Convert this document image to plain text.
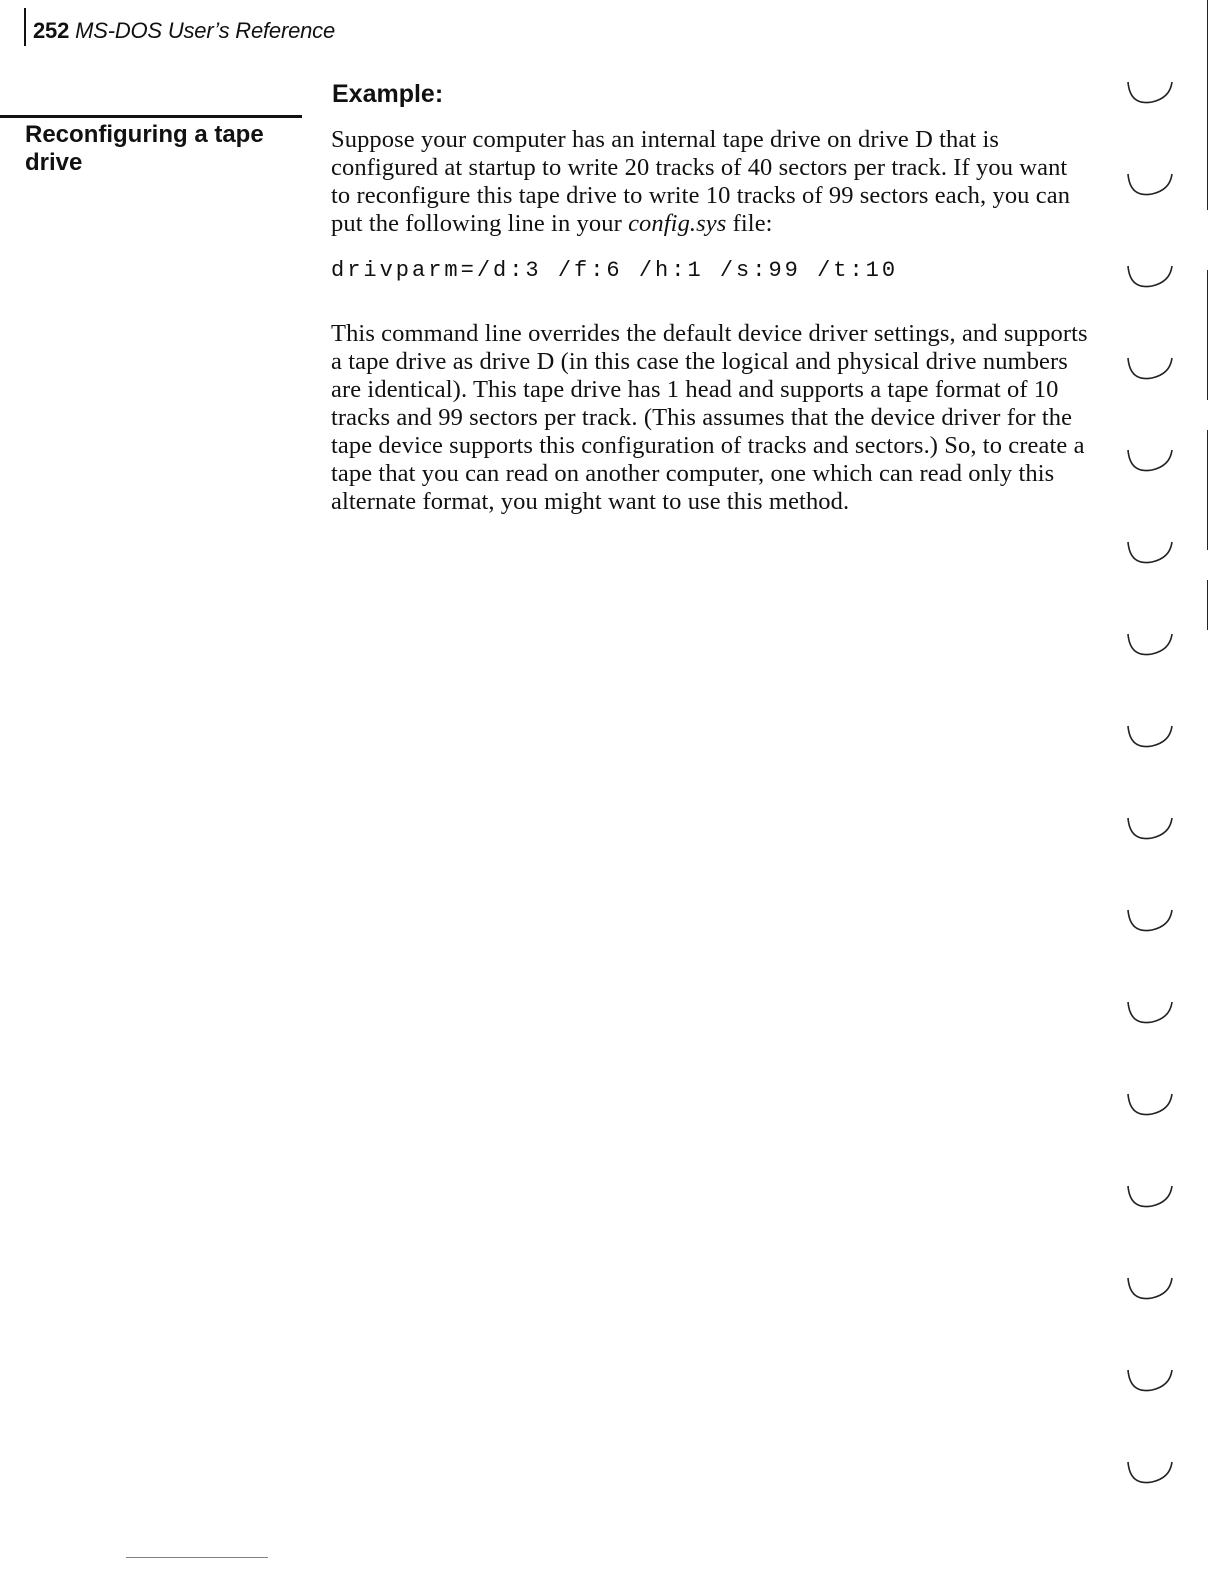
252 MS-DOS User’s Reference
Reconfiguring a tape drive
Example:

Suppose your computer has an internal tape drive on drive D that is configured at startup to write 20 tracks of 40 sectors per track. If you want to reconfigure this tape drive to write 10 tracks of 99 sectors each, you can put the following line in your config.sys file:

drivparm=/d:3 /f:6 /h:1 /s:99 /t:10

This command line overrides the default device driver settings, and supports a tape drive as drive D (in this case the logical and physical drive numbers are identical). This tape drive has 1 head and supports a tape format of 10 tracks and 99 sectors per track. (This assumes that the device driver for the tape device supports this configuration of tracks and sectors.) So, to create a tape that you can read on another computer, one which can read only this alternate format, you might want to use this method.
